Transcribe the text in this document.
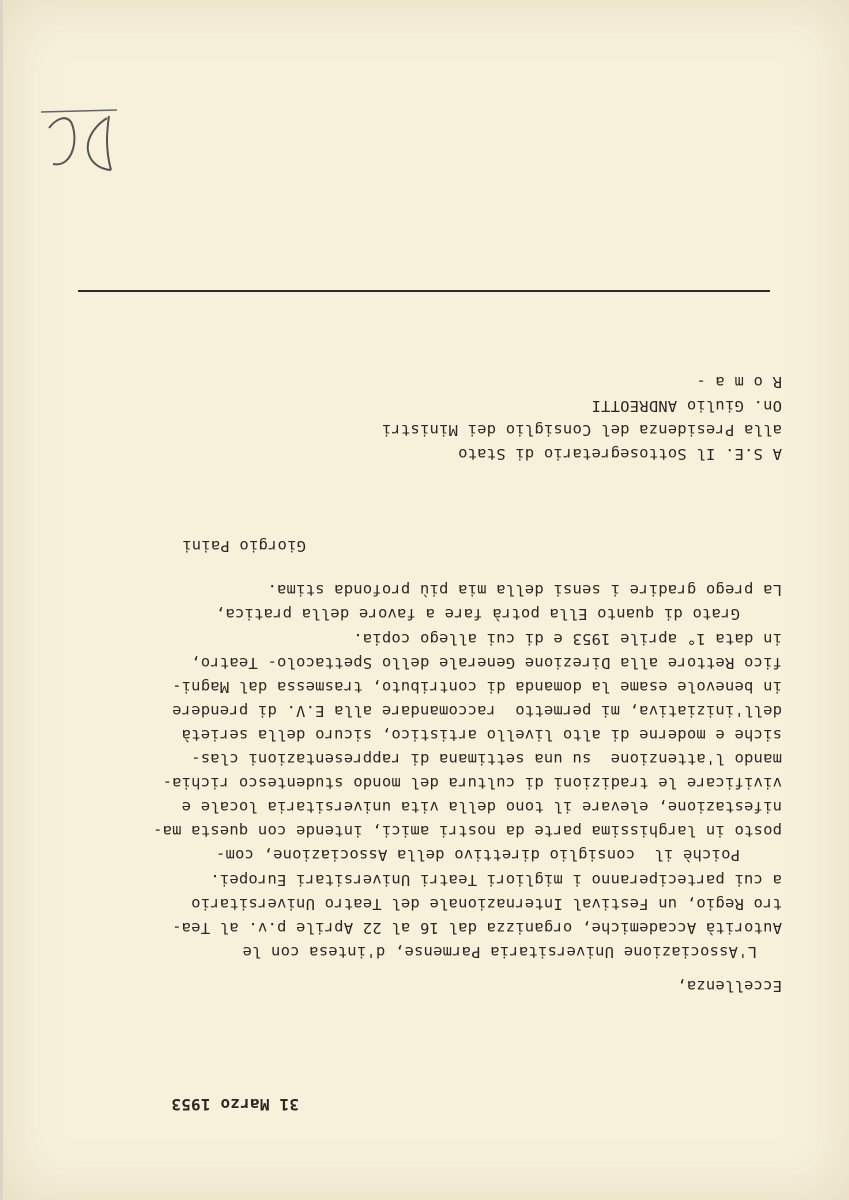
31 Marzo 1953
Eccellenza,
L'Associazione Universitaria Parmense, d'intesa con le
Autorità Accademiche, organizza dal 16 al 22 Aprile p.v. al Tea-
tro Regio, un Festival Internazionale del Teatro Universitario
a cui parteciperanno i migliori Teatri Universitari Europei.
Poichè il  consiglio direttivo della Associazione, com-
posto in larghissima parte da nostri amici, intende con questa ma-
nifestazione, elevare il tono della vita universitaria locale e
vivificare le tradizioni di cultura del mondo studentesco richia-
mando l'attenzione  su una settimana di rappresentazioni clas-
siche e moderne di alto livello artistico, sicuro della serietà
dell'iniziativa, mi permetto  raccomandare alla E.V. di prendere
in benevole esame la domanda di contributo, trasmessa dal Magni-
fico Rettore alla Direzione Generale dello Spettacolo- Teatro,
in data 1° aprile 1953 e di cui allego copia.
Grato di quanto Ella potrà fare a favore della pratica,
La prego gradire i sensi della mia più profonda stima.
Giorgio Paini
A S.E. Il Sottosegretario di Stato
alla Presidenza del Consiglio dei Ministri
On. Giulio ANDREOTTI
R o m a -
